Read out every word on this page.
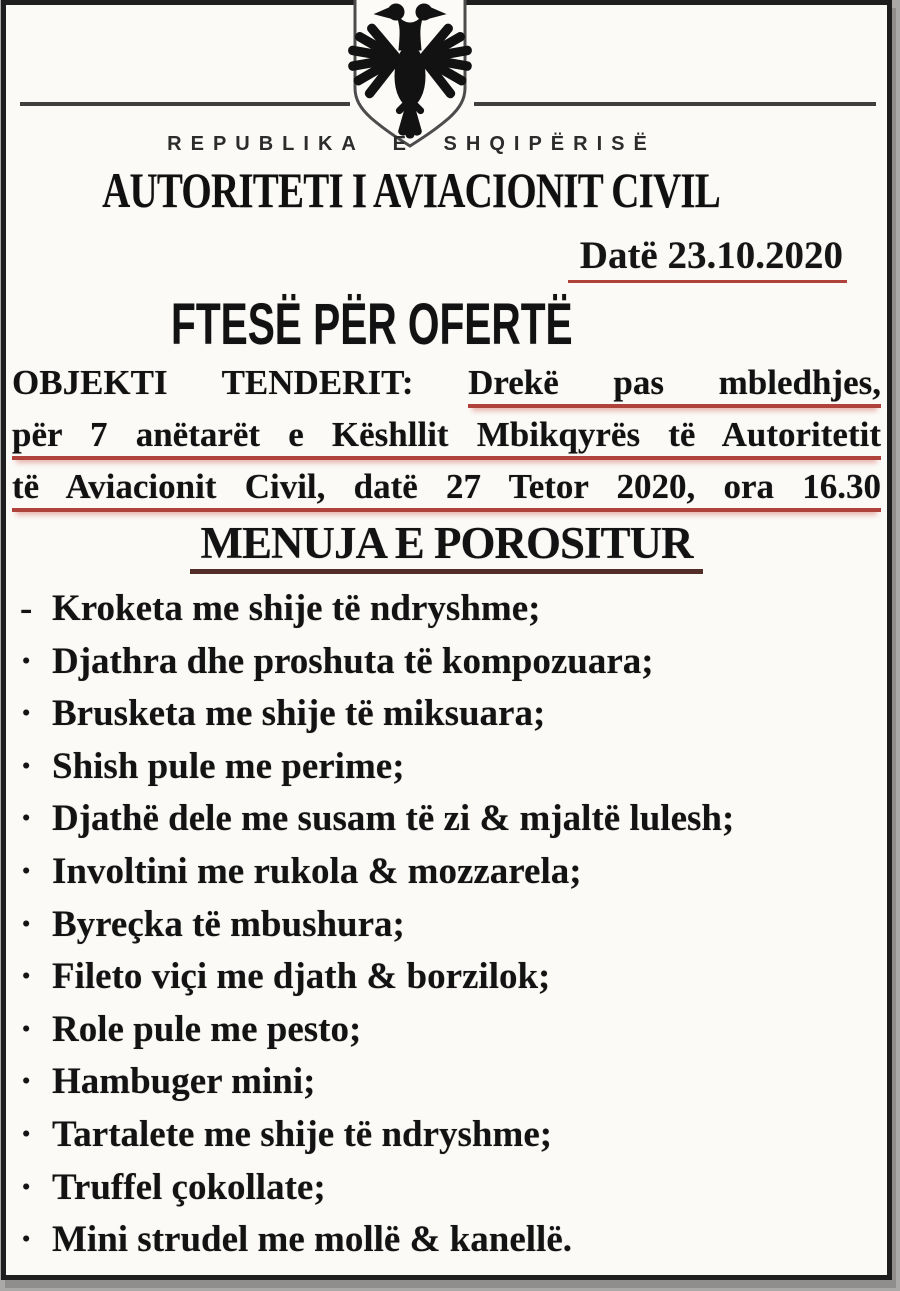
REPUBLIKA E SHQIPËRISË
AUTORITETI I AVIACIONIT CIVIL
Datë 23.10.2020
FTESË PËR OFERTË
OBJEKTI TENDERIT: Drekë pas mbledhjes,
për 7 anëtarët e Këshllit Mbikqyrës të Autoritetit
të Aviacionit Civil, datë 27 Tetor 2020, ora 16.30
MENUJA E POROSITUR
- Kroketa me shije të ndryshme;
· Djathra dhe proshuta të kompozuara;
· Brusketa me shije të miksuara;
· Shish pule me perime;
· Djathë dele me susam të zi & mjaltë lulesh;
· Involtini me rukola & mozzarela;
· Byreçka të mbushura;
· Fileto viçi me djath & borzilok;
· Role pule me pesto;
· Hambuger mini;
· Tartalete me shije të ndryshme;
· Truffel çokollate;
· Mini strudel me mollë & kanellë.
